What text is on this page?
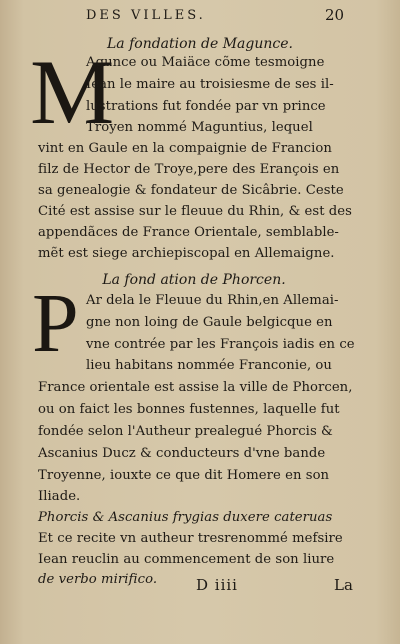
DES VILLES.	20
La fondation de Magunce.
M
Agunce ou Maiäce cõme tesmoigne
Iean le maire au troisiesme de ses il-
lustrations fut fondée par vn prince
Troyen nommé Maguntius, lequel
vint en Gaule en la compaignie de Francion
filz de Hector de Troye,pere des Erançois en
sa genealogie & fondateur de Sicâbrie. Ceste
Cité est assise sur le fleuue du Rhin, & est des
appendãces de France Orientale, semblable-
mẽt est siege archiepiscopal en Allemaigne.
La fond ation de Phorcen.
P Ar dela le Fleuue du Rhin,en Allemai-
gne non loing de Gaule belgicque en
vne contrée par les François iadis en ce
lieu habitans nommée Franconie, ou
France orientale est assise la ville de Phorcen,
ou on faict les bonnes fustennes, laquelle fut
fondée selon l'Autheur prealegué Phorcis &
Ascanius Ducz & conducteurs d'vne bande
Troyenne, iouxte ce que dit Homere en son
Iliade.
Phorcis & Ascanius frygias duxere cateruas
Et ce recite vn autheur tresrenommé mefsire
Iean reuclin au commencement de son liure
de verbo mirifico.	D iiii	La
